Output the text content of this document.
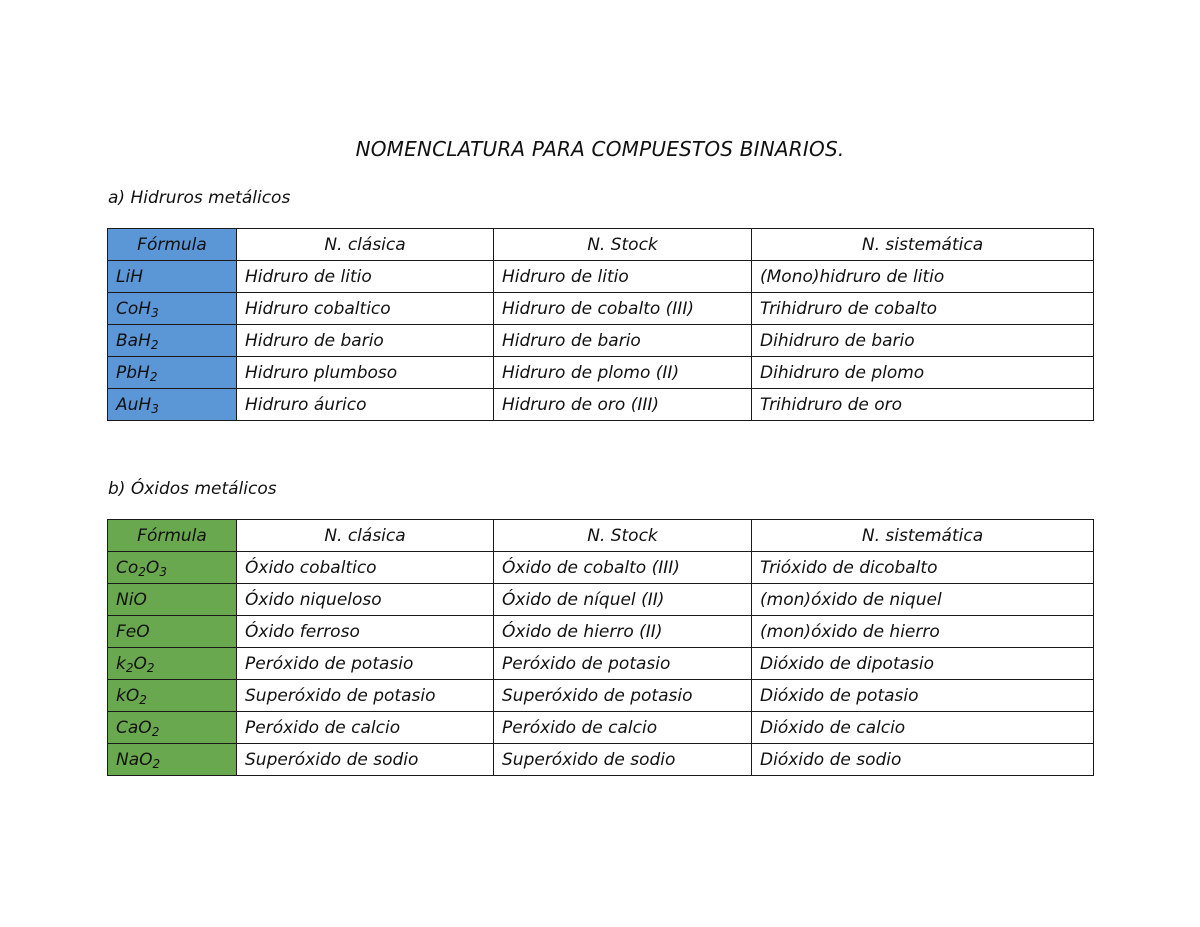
NOMENCLATURA PARA COMPUESTOS BINARIOS.
a) Hidruros metálicos
Fórmula	N. clásica	N. Stock	N. sistemática
LiH	Hidruro de litio	Hidruro de litio	(Mono)hidruro de litio
CoH$_3$	Hidruro cobaltico	Hidruro de cobalto (III)	Trihidruro de cobalto
BaH$_2$	Hidruro de bario	Hidruro de bario	Dihidruro de bario
PbH$_2$	Hidruro plumboso	Hidruro de plomo (II)	Dihidruro de plomo
AuH$_3$	Hidruro áurico	Hidruro de oro (III)	Trihidruro de oro
b) Óxidos metálicos
Fórmula	N. clásica	N. Stock	N. sistemática
$Co_2O_3$	Óxido cobaltico	Óxido de cobalto (III)	Trióxido de dicobalto
NiO	Óxido niqueloso	Óxido de níquel (II)	(mon)óxido de niquel
FeO	Óxido ferroso	Óxido de hierro (II)	(mon)óxido de hierro
$k_2O_2$	Peróxido de potasio	Peróxido de potasio	Dióxido de dipotasio
$kO_2$	Superóxido de potasio	Superóxido de potasio	Dióxido de potasio
CaO$_2$	Peróxido de calcio	Peróxido de calcio	Dióxido de calcio
NaO$_2$	Superóxido de sodio	Superóxido de sodio	Dióxido de sodio
